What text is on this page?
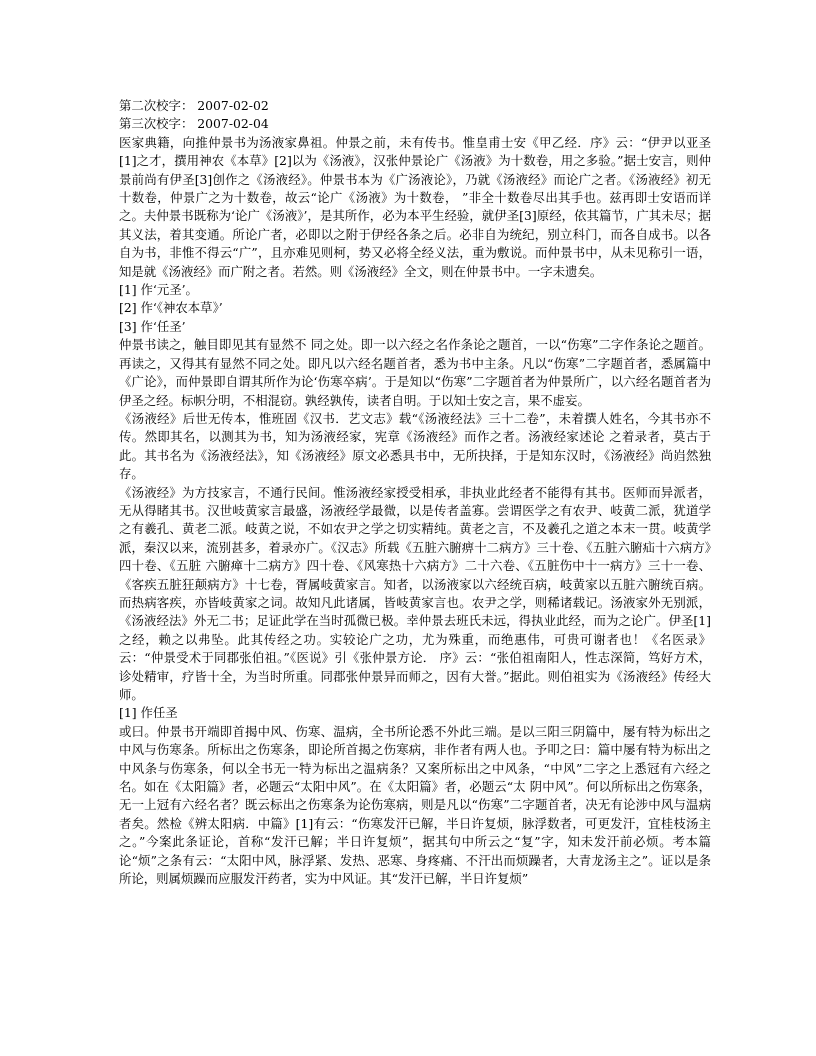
第二次校字： 2007-02-02
第三次校字： 2007-02-04
医家典籍，向推仲景书为汤液家鼻祖。仲景之前，未有传书。惟皇甫士安《甲乙经．序》云：“伊尹以亚圣[1]之才，撰用神农《本草》[2]以为《汤液》，汉张仲景论广《汤液》为十数卷，用之多验。”据士安言，则仲景前尚有伊圣[3]创作之《汤液经》。仲景书本为《广汤液论》，乃就《汤液经》而论广之者。《汤液经》初无十数卷，仲景广之为十数卷，故云“论广《汤液》为十数卷， ”非全十数卷尽出其手也。兹再即士安语而详之。夫仲景书既称为‘论广《汤液》’，是其所作，必为本平生经验，就伊圣[3]原经，依其篇节，广其未尽；据其义法，着其变通。所论广者，必即以之附于伊经各条之后。必非自为统纪，别立科门，而各自成书。以各自为书，非惟不得云“广”，且亦难见则柯，势又必将全经义法，重为敷说。而仲景书中，从未见称引一语，知是就《汤液经》而广附之者。若然。则《汤液经》全文，则在仲景书中。一字未遗矣。
[1] 作‘元圣’。
[2] 作‘《神农本草》’
[3] 作‘任圣’
仲景书读之，触目即见其有显然不 同之处。即一以六经之名作条论之题首，一以“伤寒”二字作条论之题首。再读之，又得其有显然不同之处。即凡以六经名题首者，悉为书中主条。凡以“伤寒”二字题首者，悉属篇中《广论》，而仲景即自谓其所作为论‘伤寒卒病’。于是知以“伤寒”二字题首者为仲景所广，以六经名题首者为伊圣之经。标帜分明，不相混窃。孰经孰传，读者自明。于以知士安之言，果不虚妄。
《汤液经》后世无传本，惟班固《汉书．艺文志》载“《汤液经法》三十二卷”，未着撰人姓名，今其书亦不传。然即其名，以测其为书，知为汤液经家，宪章《汤液经》而作之者。汤液经家述论 之着录者，莫古于此。其书名为《汤液经法》，知《汤液经》原文必悉具书中，无所抉择，于是知东汉时，《汤液经》尚岿然独存。
《汤液经》为方技家言，不通行民间。惟汤液经家授受相承，非执业此经者不能得有其书。医师而异派者，无从得睹其书。汉世岐黄家言最盛，汤液经学最微，以是传者盖寡。尝谓医学之有农尹、岐黄二派，犹道学之有羲孔、黄老二派。岐黄之说，不如农尹之学之切实精纯。黄老之言，不及羲孔之道之本末一贯。岐黄学派，秦汉以来，流别甚多，着录亦广。《汉志》所载《五脏六腑痹十二病方》三十卷、《五脏六腑疝十六病方》四十卷、《五脏 六腑瘅十二病方》四十卷、《风寒热十六病方》二十六卷、《五脏伤中十一病方》三十一卷、《客疾五脏狂颠病方》十七卷，胥属岐黄家言。知者，以汤液家以六经统百病，岐黄家以五脏六腑统百病。而热病客疾，亦皆岐黄家之词。故知凡此诸属，皆岐黄家言也。农尹之学，则稀诸载记。汤液家外无别派，《汤液经法》外无二书；足证此学在当时孤微已极。幸仲景去班氏未远，得执业此经，而为之论广。伊圣[1]之经，赖之以弗坠。此其传经之功。实较论广之功，尤为殊重，而绝惠伟，可贵可谢者也！《名医录》云：“仲景受术于同郡张伯祖。”《医说》引《张仲景方论． 序》云：“张伯祖南阳人，性志深简，笃好方术，诊处精审，疗皆十全，为当时所重。同郡张仲景异而师之，因有大誉。”据此。则伯祖实为《汤液经》传经大师。
[1] 作任圣
或曰。仲景书开端即首揭中风、伤寒、温病，全书所论悉不外此三端。是以三阳三阴篇中，屡有特为标出之中风与伤寒条。所标出之伤寒条，即论所首揭之伤寒病，非作者有两人也。予叩之曰：篇中屡有特为标出之中风条与伤寒条，何以全书无一特为标出之温病条？又案所标出之中风条，“中风”二字之上悉冠有六经之名。如在《太阳篇》者，必题云“太阳中风”。在《太阳篇》者，必题云“太 阴中风”。何以所标出之伤寒条，无一上冠有六经名者？既云标出之伤寒条为论伤寒病，则是凡以“伤寒”二字题首者，决无有论涉中风与温病者矣。然检《辨太阳病．中篇》[1]有云：“伤寒发汗已解，半日许复烦，脉浮数者，可更发汗，宜桂枝汤主之。”今案此条证论，首称“发汗已解；半日许复烦”，据其句中所云之“复”字，知未发汗前必烦。考本篇论“烦”之条有云：“太阳中风，脉浮紧、发热、恶寒、身疼痛、不汗出而烦躁者，大青龙汤主之”。证以是条所论，则属烦躁而应服发汗药者，实为中风证。其“发汗已解，半日许复烦”
